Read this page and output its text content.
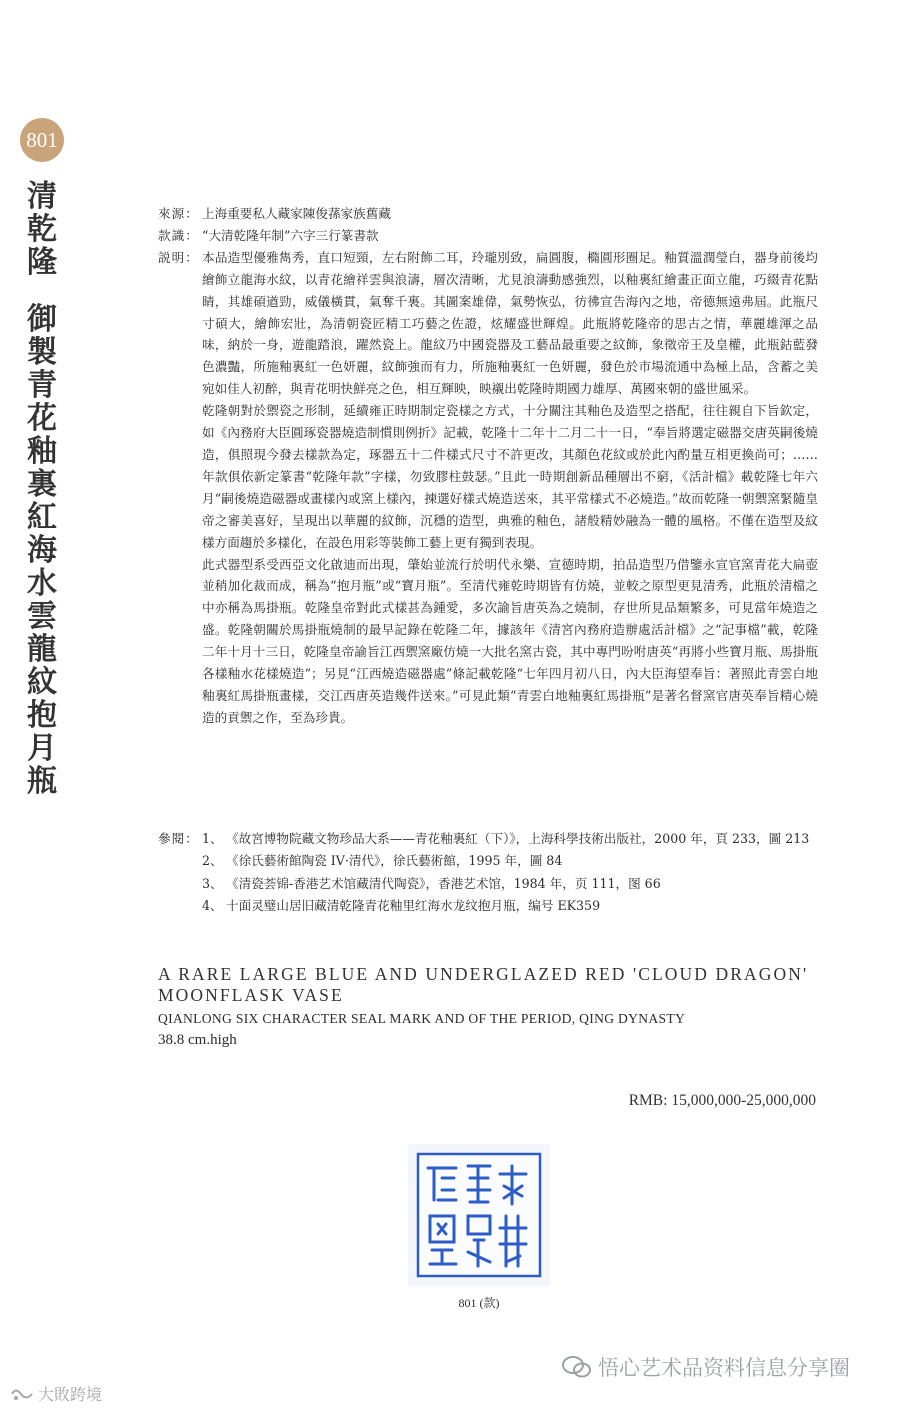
801
清乾隆
御製青花釉裏紅海水雲龍紋抱月瓶
來源： 上海重要私人藏家陳俊蓀家族舊藏
款識： “大清乾隆年制”六字三行篆書款
説明： 本品造型優雅雋秀，直口短頸，左右附飾二耳，玲瓏別致，扁圓腹，橢圓形圈足。釉質溫潤瑩白，器身前後均繪飾立龍海水紋，以青花繪祥雲與浪濤，層次清晰，尤見浪濤動感強烈，以釉裏紅繪畫正面立龍，巧綴青花點睛，其雄碩遒勁，威儀橫貫，氣奪千裏。其圖案雄偉，氣勢恢弘，彷彿宣告海內之地，帝德無遠弗屆。此瓶尺寸碩大，繪飾宏壯，為清朝瓷匠精工巧藝之佐證，炫耀盛世輝煌。此瓶將乾隆帝的思古之情，華麗雄渾之品味，納於一身，遊龍踏浪，躍然瓷上。龍紋乃中國瓷器及工藝品最重要之紋飾，象徵帝王及皇權，此瓶鈷藍發色濃豔，所施釉裏紅一色妍麗，紋飾強而有力，所施釉裏紅一色妍麗，發色於市場流通中為極上品，含蓄之美宛如佳人初醉，與青花明快鮮亮之色，相互輝映，映襯出乾隆時期國力雄厚、萬國來朝的盛世風采。

乾隆朝對於禦瓷之形制，延續雍正時期制定瓷樣之方式，十分關注其釉色及造型之搭配，往往親自下旨欽定，如《內務府大臣圓琢瓷器燒造制慣則例折》記載，乾隆十二年十二月二十一日，“奉旨將選定磁器交唐英嗣後燒造，俱照現今發去樣款為定，琢器五十二件樣式尺寸不許更改，其顏色花紋或於此內酌量互相更換尚可；……年款俱依新定篆書“乾隆年款”字樣，勿致膠柱鼓瑟。”且此一時期創新品種層出不窮，《活計檔》載乾隆七年六月“嗣後燒造磁器或畫樣內或窯上樣內，揀選好樣式燒造送來，其平常樣式不必燒造。”故而乾隆一朝禦窯緊隨皇帝之審美喜好，呈現出以華麗的紋飾，沉穩的造型，典雅的釉色，諸般精妙融為一體的風格。不僅在造型及紋樣方面趨於多樣化，在設色用彩等裝飾工藝上更有獨到表現。

此式器型系受西亞文化啟迪而出現，肇始並流行於明代永樂、宣德時期，拍品造型乃借鑒永宣官窯青花大扁壺並稍加化裁而成，稱為“抱月瓶”或“寶月瓶”。至清代雍乾時期皆有仿燒，並較之原型更見清秀，此瓶於清檔之中亦稱為馬掛瓶。乾隆皇帝對此式樣甚為鍾愛，多次諭旨唐英為之燒制，存世所見品類繁多，可見當年燒造之盛。乾隆朝關於馬掛瓶燒制的最早記錄在乾隆二年，據該年《清宮內務府造辦處活計檔》之“記事檔”載，乾隆二年十月十三日，乾隆皇帝諭旨江西禦窯廠仿燒一大批名窯古瓷，其中專門吩咐唐英“再將小些寶月瓶、馬掛瓶各樣釉水花樣燒造”；另見“江西燒造磁器處”條記載乾隆“七年四月初八日，內大臣海望奉旨：著照此青雲白地釉裏紅馬掛瓶畫樣，交江西唐英造幾件送來。”可見此類“青雲白地釉裏紅馬掛瓶”是著名督窯官唐英奉旨精心燒造的貢禦之作，至為珍貴。

參閱： 1、 《故宮博物院藏文物珍品大系——青花釉裏紅（下）》，上海科學技術出版社，2000 年，頁 233，圖 213
2、 《徐氏藝術館陶瓷 IV·清代》，徐氏藝術館，1995 年，圖 84
3、 《清瓷荟锦-香港艺术馆藏清代陶瓷》，香港艺术馆，1984 年，页 111，图 66
4、 十面灵璧山居旧藏清乾隆青花釉里红海水龙纹抱月瓶，编号 EK359

A RARE LARGE BLUE AND UNDERGLAZED RED 'CLOUD DRAGON' MOONFLASK VASE

QIANLONG SIX CHARACTER SEAL MARK AND OF THE PERIOD, QING DYNASTY

38.8 cm.high

RMB: 15,000,000-25,000,000
801 (款)
悟心艺术品资料信息分享圈
大敗跨境
